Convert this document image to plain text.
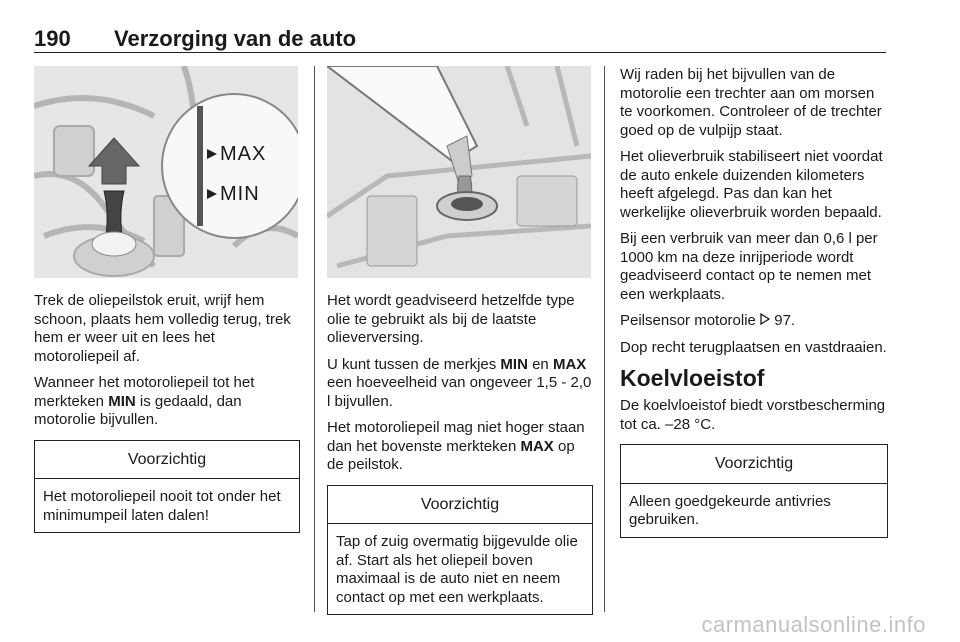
190 Verzorging van de auto
MAX
MIN

Trek de oliepeilstok eruit, wrijf hem schoon, plaats hem volledig terug, trek hem er weer uit en lees het motorоliepeil af.

Wanneer het motoroliepeil tot het merkteken MIN is gedaald, dan motorolie bijvullen.

Voorzichtig
Het motoroliepeil nooit tot onder het minimumpeil laten dalen!

Het wordt geadviseerd hetzelfde type olie te gebruikt als bij de laatste olieverversing.

U kunt tussen de merkjes MIN en MAX een hoeveelheid van ongeveer 1,5 - 2,0 l bijvullen.

Het motoroliepeil mag niet hoger staan dan het bovenste merkteken MAX op de peilstok.

Voorzichtig
Tap of zuig overmatig bijgevulde olie af. Start als het oliepeil boven maximaal is de auto niet en neem contact op met een werkplaats.

Wij raden bij het bijvullen van de motorolie een trechter aan om morsen te voorkomen. Controleer of de trechter goed op de vulpijp staat.

Het olieverbruik stabiliseert niet voordat de auto enkele duizenden kilometers heeft afgelegd. Pas dan kan het werkelijke olieverbruik worden bepaald.

Bij een verbruik van meer dan 0,6 l per 1000 km na deze inrijperiode wordt geadviseerd contact op te nemen met een werkplaats.

Peilsensor motorolie  97.

Dop recht terugplaatsen en vastdraaien.

Koelvloeistof

De koelvloeistof biedt vorstbescherming tot ca. –28 °C.

Voorzichtig
Alleen goedgekeurde antivries gebruiken.
carmanualsonline.info
